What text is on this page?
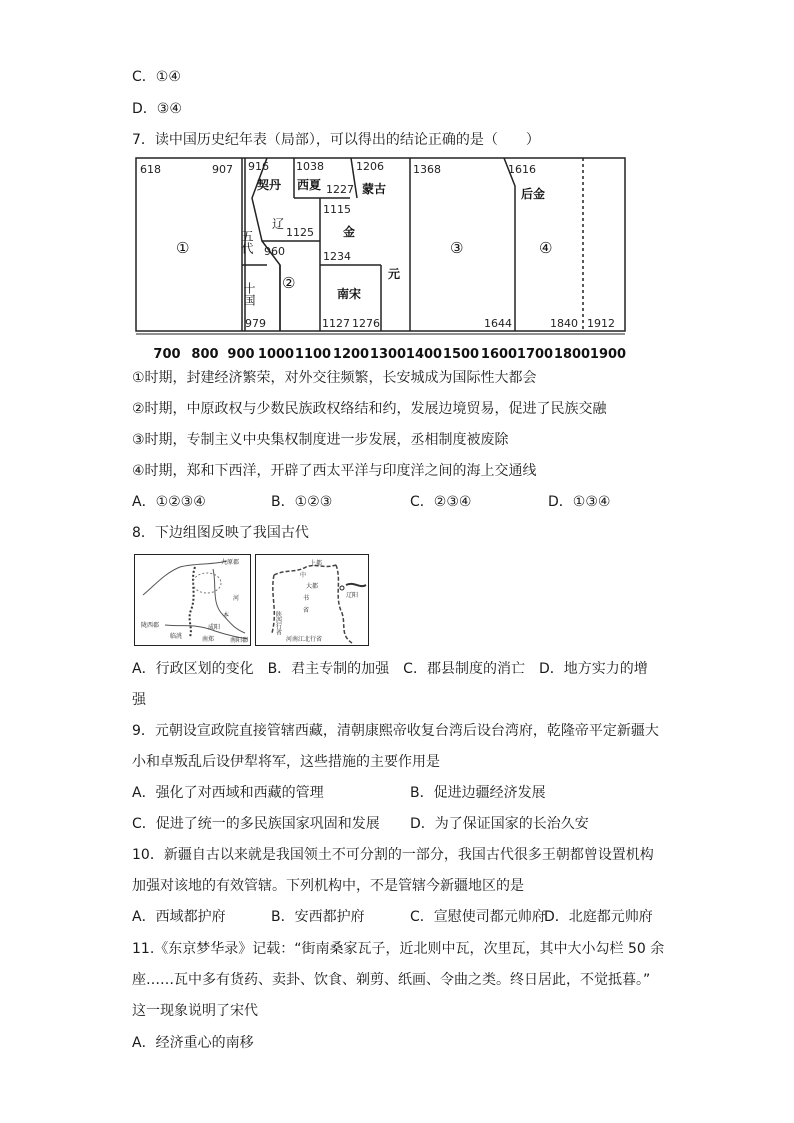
C．①④
D．③④
7．读中国历史纪年表（局部），可以得出的结论正确的是（　　）
618	907 916
1125
960
979
1038
1227
1115
1234
1206
1127 1276
1368
1644
1616
1840 1912
①
契丹
辽
五代
十国 ②
西夏
金
蒙古
南宋
元
③
后金
④
700 800 900 1000 1100 1200 1300 1400 1500 1600 1700 1800 1900
①时期，封建经济繁荣，对外交往频繁，长安城成为国际性大都会
②时期，中原政权与少数民族政权络结和约，发展边境贸易，促进了民族交融
③时期，专制主义中央集权制度进一步发展，丞相制度被废除
④时期，郑和下西洋，开辟了西太平洋与印度洋之间的海上交通线
A．①②③④	B．①②③	C．②③④	D．①③④
8．下边组图反映了我国古代
九原郡
陇西郡
河
本
临洮
成阳
南郑	南阳郡
上都
中
大都
书
省
陕西行省
河南江北行省
辽阳
A．行政区划的变化　B．君主专制的加强　C．郡县制度的消亡　D．地方实力的增
强
9．元朝设宣政院直接管辖西藏，清朝康熙帝收复台湾后设台湾府，乾隆帝平定新疆大
小和卓叛乱后设伊犁将军，这些措施的主要作用是
A．强化了对西域和西藏的管理	B．促进边疆经济发展
C．促进了统一的多民族国家巩固和发展 D．为了保证国家的长治久安
10．新疆自古以来就是我国领土不可分割的一部分，我国古代很多王朝都曾设置机构
加强对该地的有效管辖。下列机构中，不是管辖今新疆地区的是
A．西域都护府	B．安西都护府	C．宣慰使司都元帅府
D．北庭都元帅府
11.《东京梦华录》记载：“街南桑家瓦子，近北则中瓦，次里瓦，其中大小勾栏 50 余
座……瓦中多有货药、卖卦、饮食、剃剪、纸画、令曲之类。终日居此，不觉抵暮。”
这一现象说明了宋代
A．经济重心的南移
